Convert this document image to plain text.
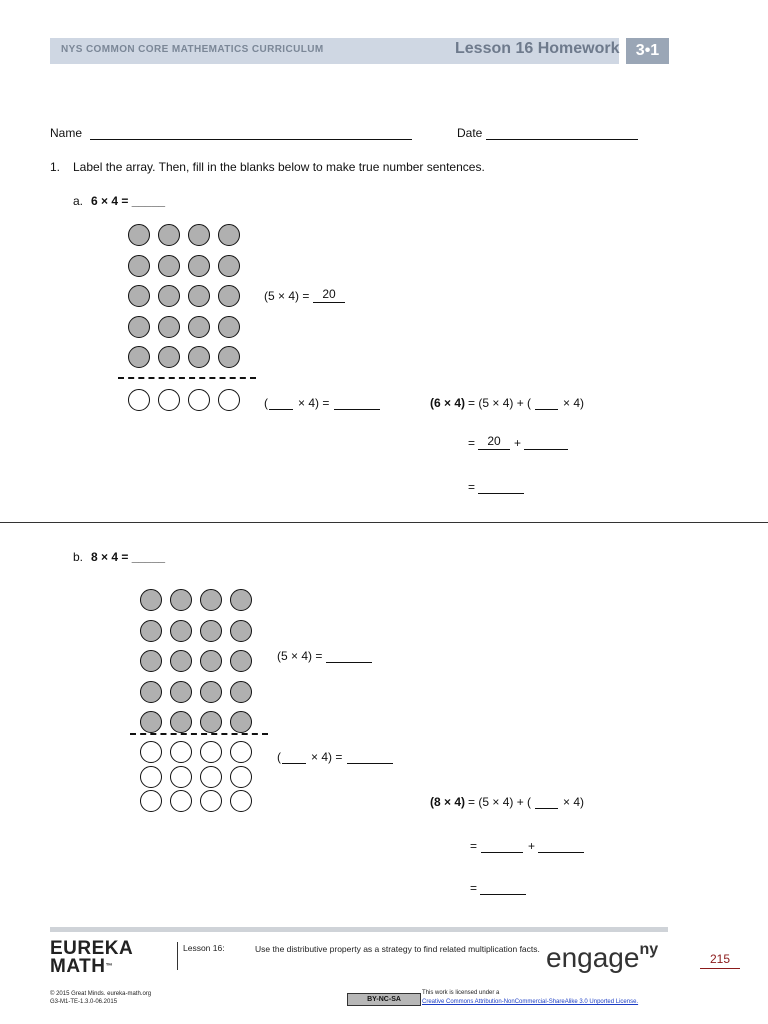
NYS COMMON CORE MATHEMATICS CURRICULUM	Lesson 16 Homework	3•1
Name	Date
1. Label the array. Then, fill in the blanks below to make true number sentences.
a. 6 × 4 = _____
(5 × 4) =	20
(	× 4) =	(6 × 4) = (5 × 4) + (	× 4)
=	20	+
=
b. 8 × 4 = _____
(5 × 4) =
(	× 4) =
(8 × 4) = (5 × 4) + (	× 4)
=	+
=
EUREKA
MATH™
Lesson 16:	Use the distributive property as a strategy to find related multiplication facts. engage$^{ny}$
215
© 2015 Great Minds. eureka-math.org
G3-M1-TE-1.3.0-06.2015	BY-NC-SA
This work is licensed under a
Creative Commons Attribution-NonCommercial-ShareAlike 3.0 Unported License.
